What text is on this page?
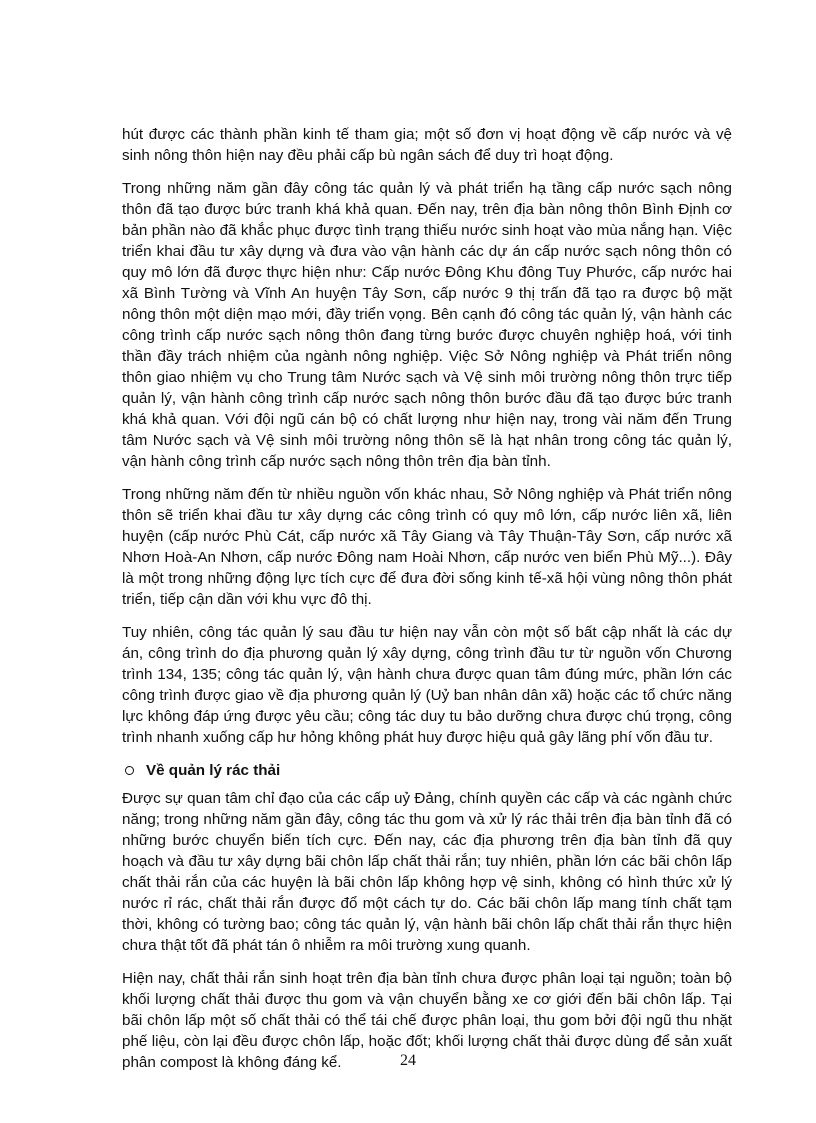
hút được các thành phần kinh tế tham gia; một số đơn vị hoạt động về cấp nước và vệ sinh nông thôn hiện nay đều phải cấp bù ngân sách để duy trì hoạt động.

Trong những năm gần đây công tác quản lý và phát triển hạ tầng cấp nước sạch nông thôn đã tạo được bức tranh khá khả quan. Đến nay, trên địa bàn nông thôn Bình Định cơ bản phần nào đã khắc phục được tình trạng thiếu nước sinh hoạt vào mùa nắng hạn. Việc triển khai đầu tư xây dựng và đưa vào vận hành các dự án cấp nước sạch nông thôn có quy mô lớn đã được thực hiện như: Cấp nước Đông Khu đông Tuy Phước, cấp nước hai xã Bình Tường và Vĩnh An huyện Tây Sơn, cấp nước 9 thị trấn đã tạo ra được bộ mặt nông thôn một diện mạo mới, đầy triển vọng. Bên cạnh đó công tác quản lý, vận hành các công trình cấp nước sạch nông thôn đang từng bước được chuyên nghiệp hoá, với tinh thần đầy trách nhiệm của ngành nông nghiệp. Việc Sở Nông nghiệp và Phát triển nông thôn giao nhiệm vụ cho Trung tâm Nước sạch và Vệ sinh môi trường nông thôn trực tiếp quản lý, vận hành công trình cấp nước sạch nông thôn bước đầu đã tạo được bức tranh khá khả quan. Với đội ngũ cán bộ có chất lượng như hiện nay, trong vài năm đến Trung tâm Nước sạch và Vệ sinh môi trường nông thôn sẽ là hạt nhân trong công tác quản lý, vận hành công trình cấp nước sạch nông thôn trên địa bàn tỉnh.

Trong những năm đến từ nhiều nguồn vốn khác nhau, Sở Nông nghiệp và Phát triển nông thôn sẽ triển khai đầu tư xây dựng các công trình có quy mô lớn, cấp nước liên xã, liên huyện (cấp nước Phù Cát, cấp nước xã Tây Giang và Tây Thuận-Tây Sơn, cấp nước xã Nhơn Hoà-An Nhơn, cấp nước Đông nam Hoài Nhơn, cấp nước ven biển Phù Mỹ...). Đây là một trong những động lực tích cực để đưa đời sống kinh tế-xã hội vùng nông thôn phát triển, tiếp cận dần với khu vực đô thị.

Tuy nhiên, công tác quản lý sau đầu tư hiện nay vẫn còn một số bất cập nhất là các dự án, công trình do địa phương quản lý xây dựng, công trình đầu tư từ nguồn vốn Chương trình 134, 135; công tác quản lý, vận hành chưa được quan tâm đúng mức, phần lớn các công trình được giao về địa phương quản lý (Uỷ ban nhân dân xã) hoặc các tổ chức năng lực không đáp ứng được yêu cầu; công tác duy tu bảo dưỡng chưa được chú trọng, công trình nhanh xuống cấp hư hỏng không phát huy được hiệu quả gây lãng phí vốn đầu tư.

Về quản lý rác thải

Được sự quan tâm chỉ đạo của các cấp uỷ Đảng, chính quyền các cấp và các ngành chức năng; trong những năm gần đây, công tác thu gom và xử lý rác thải trên địa bàn tỉnh đã có những bước chuyển biến tích cực. Đến nay, các địa phương trên địa bàn tỉnh đã quy hoạch và đầu tư xây dựng bãi chôn lấp chất thải rắn; tuy nhiên, phần lớn các bãi chôn lấp chất thải rắn của các huyện là bãi chôn lấp không hợp vệ sinh, không có hình thức xử lý nước rỉ rác, chất thải rắn được đổ một cách tự do. Các bãi chôn lấp mang tính chất tạm thời, không có tường bao; công tác quản lý, vận hành bãi chôn lấp chất thải rắn thực hiện chưa thật tốt đã phát tán ô nhiễm ra môi trường xung quanh.

Hiện nay, chất thải rắn sinh hoạt trên địa bàn tỉnh chưa được phân loại tại nguồn; toàn bộ khối lượng chất thải được thu gom và vận chuyển bằng xe cơ giới đến bãi chôn lấp. Tại bãi chôn lấp một số chất thải có thể tái chế được phân loại, thu gom bởi đội ngũ thu nhặt phế liệu, còn lại đều được chôn lấp, hoặc đốt; khối lượng chất thải được dùng để sản xuất phân compost là không đáng kể.	24
